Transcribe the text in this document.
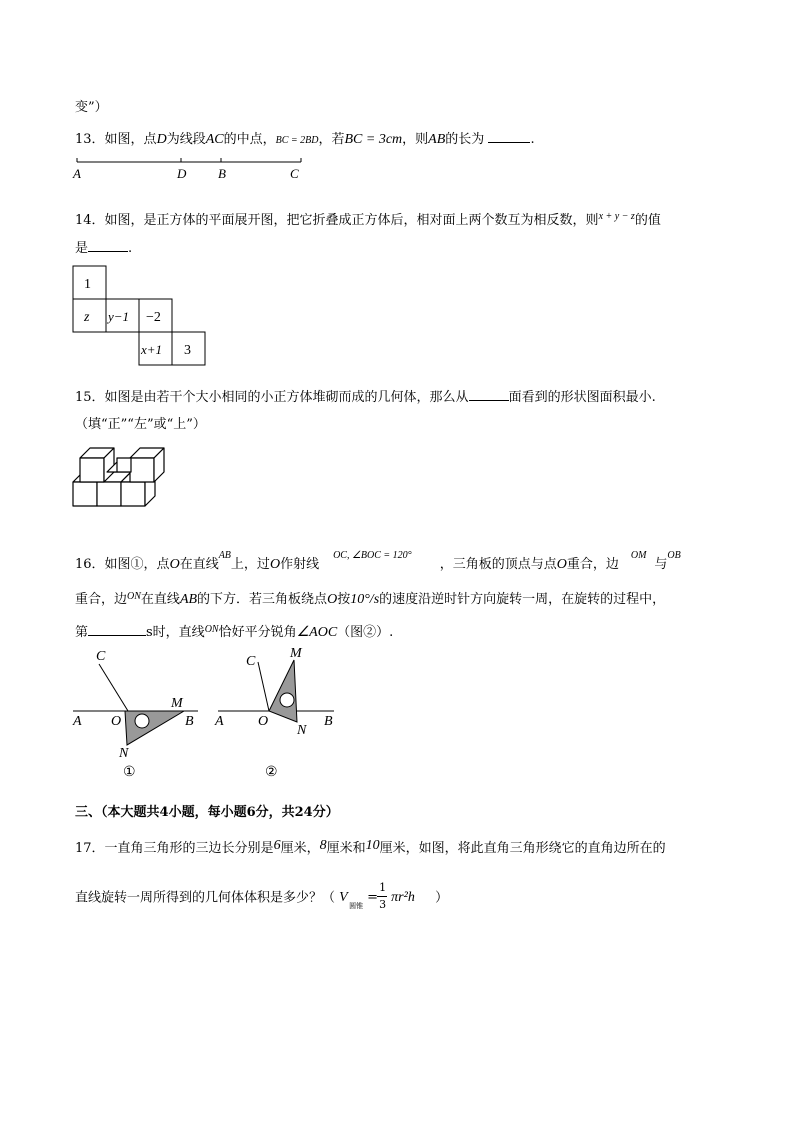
变”）
13．如图，点D为线段AC的中点，BC = 2BD，若BC = 3cm，则AB的长为	.
A	D B	C
14．如图，是正方体的平面展开图，把它折叠成正方体后，相对面上两个数互为相反数，则$^{x + y - z}$的值
是	.
1
z y−1 −2
x+1 3
15．如图是由若干个大小相同的小正方体堆砌而成的几何体，那么从	面看到的形状图面积最小.
（填“正”“左”或“上”）
16．如图①，点O在直线$^{AB}$上，过O作射线$^{OC, \angle BOC = 120^\circ}$，三角板的顶点与点O重合，边$^{OM}$与$^{OB}$
重合，边$^{ON}$在直线AB的下方．若三角板绕点O按10°/s的速度沿逆时针方向旋转一周，在旋转的过程中，
第	s时，直线$^{ON}$恰好平分锐角∠AOC（图②）.
C
M
A O	B
N
①
C
M
A O	B
N
②
三、（本大题共4小题，每小题6分，共24分）
17．一直角三角形的三边长分别是6厘米，8厘米和10厘米，如图，将此直角三角形绕它的直角边所在的
直线旋转一周所得到的几何体体积是多少？（ V
圆锥
=
1
3 πr²h ）
